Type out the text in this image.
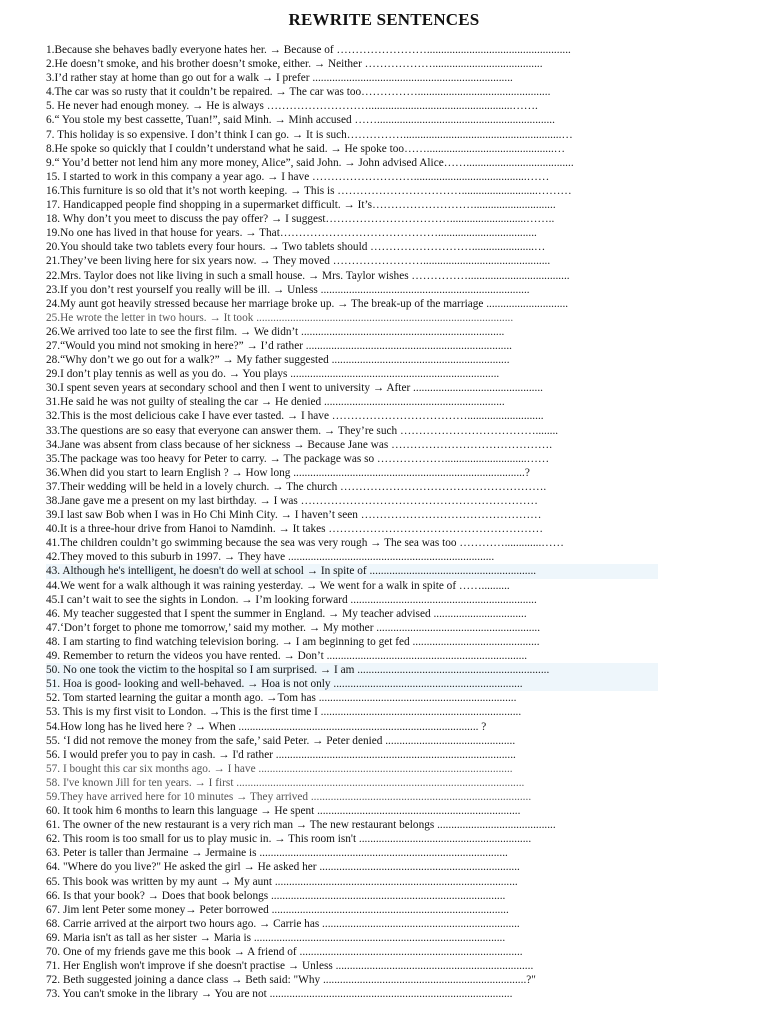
REWRITE SENTENCES
1.Because she behaves badly everyone hates her. → Because of ……………………...................................................
2.He doesn’t smoke, and his brother doesn’t smoke, either. → Neither ……………….......................................
3.I’d rather stay at home than go out for a walk → I prefer .......................................................................
4.The car was so rusty that it couldn’t be repaired. → The car was too……………...............................................
5. He never had enough money. → He is always ………………………...................................................…….
6.“ You stole my best cassette, Tuan!”, said Minh. → Minh accused ……...............................................................
7. This holiday is so expensive. I don’t think I can go. → It is such……………........................................................…
8.He spoke so quickly that I couldn’t understand what he said. → He spoke too…….............................................…
9.“ You’d better not lend him any more money, Alice”, said John. → John advised Alice……......................................
15. I started to work in this company a year ago. → I have ………………………........................................……
16.This furniture is so old that it’s not worth keeping. → This is ……………………………...........................………
17. Handicapped people find shopping in a supermarket difficult. → It’s……………………….............................
18. Why don’t you meet to discuss the pay offer? → I suggest……………………………...........................……..
19.No one has lived in that house for years. → That……………………………………...................................
20.You should take two tablets every four hours. → Two tablets should ………………………......................…
21.They’ve been living here for six years now. → They moved …………………….............................................
22.Mrs. Taylor does not like living in such a small house. → Mrs. Taylor wishes ……………....................................
23.If you don’t rest yourself you really will be ill. → Unless ..........................................................................
24.My aunt got heavily stressed because her marriage broke up. → The break-up of the marriage .............................
25.He wrote the letter in two hours. → It took ...........................................................................................
26.We arrived too late to see the first film. → We didn’t ........................................................................
27.“Would you mind not smoking in here?” → I’d rather .........................................................................
28.“Why don’t we go out for a walk?” → My father suggested ...............................................................
29.I don’t play tennis as well as you do. → You plays ..........................................................................
30.I spent seven years at secondary school and then I went to university → After ..............................................
31.He said he was not guilty of stealing the car → He denied ................................................................
32.This is the most delicious cake I have ever tasted. → I have ………………………………...........................
33.The questions are so easy that everyone can answer them. → They’re such ………………………………........
34.Jane was absent from class because of her sickness → Because Jane was …………………………………….
35.The package was too heavy for Peter to carry. → The package was so ……………….............................……
36.When did you start to learn English ? → How long ..................................................................................?
37.Their wedding will be held in a lovely church. → The church ……………………………………………….
38.Jane gave me a present on my last birthday. → I was ………………………………………………………
39.I last saw Bob when I was in Ho Chi Minh City. → I haven’t seen …………………………………………
40.It is a three-hour drive from Hanoi to Namdinh. → It takes …………………………………………………
41.The children couldn’t go swimming because the sea was very rough → The sea was too ………….............……
42.They moved to this suburb in 1997. → They have .........................................................................
43. Although he's intelligent, he doesn't do well at school → In spite of ...........................................................
44.We went for a walk although it was raining yesterday. → We went for a walk in spite of ……..........
45.I can’t wait to see the sights in London. → I’m looking forward ..................................................................
46. My teacher suggested that I spent the summer in England. → My teacher advised .................................
47.‘Don’t forget to phone me tomorrow,’ said my mother. → My mother ..........................................................
48. I am starting to find watching television boring. → I am beginning to get fed .............................................
49. Remember to return the videos you have rented. → Don’t .......................................................................
50. No one took the victim to the hospital so I am surprised. → I am ....................................................................
51. Hoa is good- looking and well-behaved. → Hoa is not only ...................................................................
52. Tom started learning the guitar a month ago. →Tom has ......................................................................
53. This is my first visit to London. →This is the first time I .......................................................................
54.How long has he lived here ? → When ..................................................................................... ?
55. ‘I did not remove the money from the safe,’ said Peter. → Peter denied ..............................................
56. I would prefer you to pay in cash. → I'd rather .....................................................................................
57. I bought this car six months ago. → I have ..........................................................................................
58. I've known Jill for ten years. → I first ......................................................................................................
59.They have arrived here for 10 minutes → They arrived ..............................................................................
60. It took him 6 months to learn this language → He spent ........................................................................
61. The owner of the new restaurant is a very rich man → The new restaurant belongs ..........................................
62. This room is too small for us to play music in. → This room isn't .............................................................
63. Peter is taller than Jermaine → Jermaine is ........................................................................................
64. "Where do you live?" He asked the girl → He asked her .......................................................................
65. This book was written by my aunt → My aunt ......................................................................................
66. Is that your book? → Does that book belongs ...................................................................................
67. Jim lent Peter some money→ Peter borrowed ....................................................................................
68. Carrie arrived at the airport two hours ago. → Carrie has ......................................................................
69. Maria isn't as tall as her sister → Maria is .........................................................................................
70. One of my friends gave me this book → A friend of ...............................................................................
71. Her English won't improve if she doesn't practise → Unless ......................................................................
72. Beth suggested joining a dance class → Beth said: "Why ........................................................................?"
73. You can't smoke in the library → You are not ......................................................................................
